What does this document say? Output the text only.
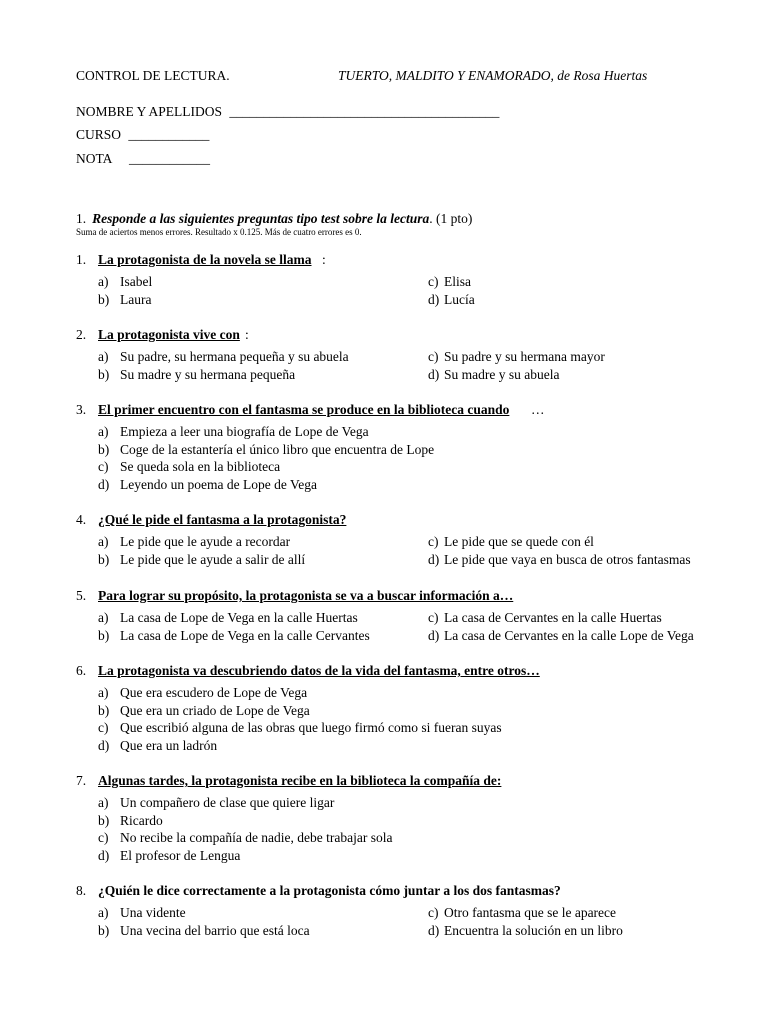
CONTROL DE LECTURA.	TUERTO, MALDITO Y ENAMORADO, de Rosa Huertas
NOMBRE Y APELLIDOS ________________________________________
CURSO ____________
NOTA ____________
1. Responde a las siguientes preguntas tipo test sobre la lectura. (1 pto)
Suma de aciertos menos errores. Resultado x 0.125. Más de cuatro errores es 0.
1. La protagonista de la novela se llama :
a) Isabel	c) Elisa
b) Laura	d) Lucía
2. La protagonista vive con :
a) Su padre, su hermana pequeña y su abuela	c) Su padre y su hermana mayor
b) Su madre y su hermana pequeña	d) Su madre y su abuela
3. El primer encuentro con el fantasma se produce en la biblioteca cuando …
a) Empieza a leer una biografía de Lope de Vega
b) Coge de la estantería el único libro que encuentra de Lope
c) Se queda sola en la biblioteca
d) Leyendo un poema de Lope de Vega
4. ¿Qué le pide el fantasma a la protagonista?
a) Le pide que le ayude a recordar	c) Le pide que se quede con él
b) Le pide que le ayude a salir de allí	d) Le pide que vaya en busca de otros fantasmas
5. Para lograr su propósito, la protagonista se va a buscar información a…
a) La casa de Lope de Vega en la calle Huertas	c) La casa de Cervantes en la calle Huertas
b) La casa de Lope de Vega en la calle Cervantes	d) La casa de Cervantes en la calle Lope de Vega
6. La protagonista va descubriendo datos de la vida del fantasma, entre otros…
a) Que era escudero de Lope de Vega
b) Que era un criado de Lope de Vega
c) Que escribió alguna de las obras que luego firmó como si fueran suyas
d) Que era un ladrón
7. Algunas tardes, la protagonista recibe en la biblioteca la compañía de:
a) Un compañero de clase que quiere ligar
b) Ricardo
c) No recibe la compañía de nadie, debe trabajar sola
d) El profesor de Lengua
8. ¿Quién le dice correctamente a la protagonista cómo juntar a los dos fantasmas?
a) Una vidente	c) Otro fantasma que se le aparece
b) Una vecina del barrio que está loca	d) Encuentra la solución en un libro
